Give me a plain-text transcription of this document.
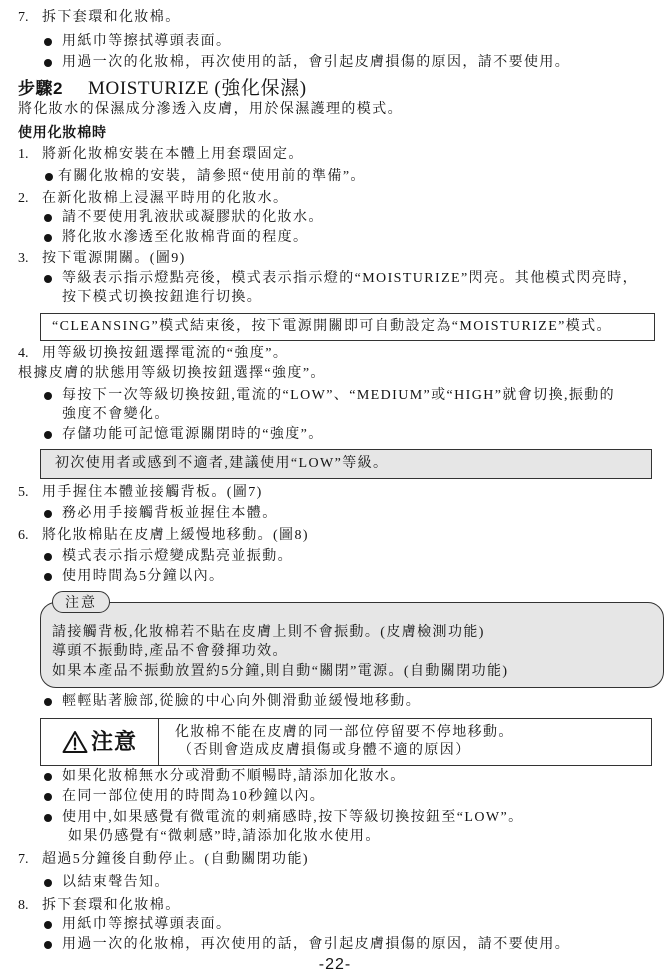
7. 拆下套環和化妝棉。
用紙巾等擦拭導頭表面。
用過一次的化妝棉，再次使用的話，會引起皮膚損傷的原因，請不要使用。
步驟2 MOISTURIZE (強化保濕)
將化妝水的保濕成分滲透入皮膚，用於保濕護理的模式。
使用化妝棉時
1. 將新化妝棉安裝在本體上用套環固定。
有關化妝棉的安裝，請參照“使用前的準備”。
2. 在新化妝棉上浸濕平時用的化妝水。
請不要使用乳液狀或凝膠狀的化妝水。
將化妝水滲透至化妝棉背面的程度。
3. 按下電源開關。(圖9)
等級表示指示燈點亮後，模式表示指示燈的“MOISTURIZE”閃亮。其他模式閃亮時，
按下模式切換按鈕進行切換。
“CLEANSING”模式結束後，按下電源開關即可自動設定為“MOISTURIZE”模式。
4. 用等級切換按鈕選擇電流的“強度”。
根據皮膚的狀態用等級切換按鈕選擇“強度”。
每按下一次等級切換按鈕,電流的“LOW”、“MEDIUM”或“HIGH”就會切換,振動的
強度不會變化。
存儲功能可記憶電源關閉時的“強度”。
初次使用者或感到不適者,建議使用“LOW”等級。
5. 用手握住本體並接觸背板。(圖7)
務必用手接觸背板並握住本體。
6. 將化妝棉貼在皮膚上緩慢地移動。(圖8)
模式表示指示燈變成點亮並振動。
使用時間為5分鐘以內。
請接觸背板,化妝棉若不貼在皮膚上則不會振動。(皮膚檢測功能)
導頭不振動時,產品不會發揮功效。
如果本產品不振動放置約5分鐘,則自動“關閉”電源。(自動關閉功能)
注意
輕輕貼著臉部,從臉的中心向外側滑動並緩慢地移動。
注意	化妝棉不能在皮膚的同一部位停留要不停地移動。
（否則會造成皮膚損傷或身體不適的原因）
如果化妝棉無水分或滑動不順暢時,請添加化妝水。
在同一部位使用的時間為10秒鐘以內。
使用中,如果感覺有微電流的刺痛感時,按下等級切換按鈕至“LOW”。
如果仍感覺有“微刺感”時,請添加化妝水使用。
7. 超過5分鐘後自動停止。(自動關閉功能)
以結束聲告知。
8. 拆下套環和化妝棉。
用紙巾等擦拭導頭表面。
用過一次的化妝棉，再次使用的話，會引起皮膚損傷的原因，請不要使用。
-22-
